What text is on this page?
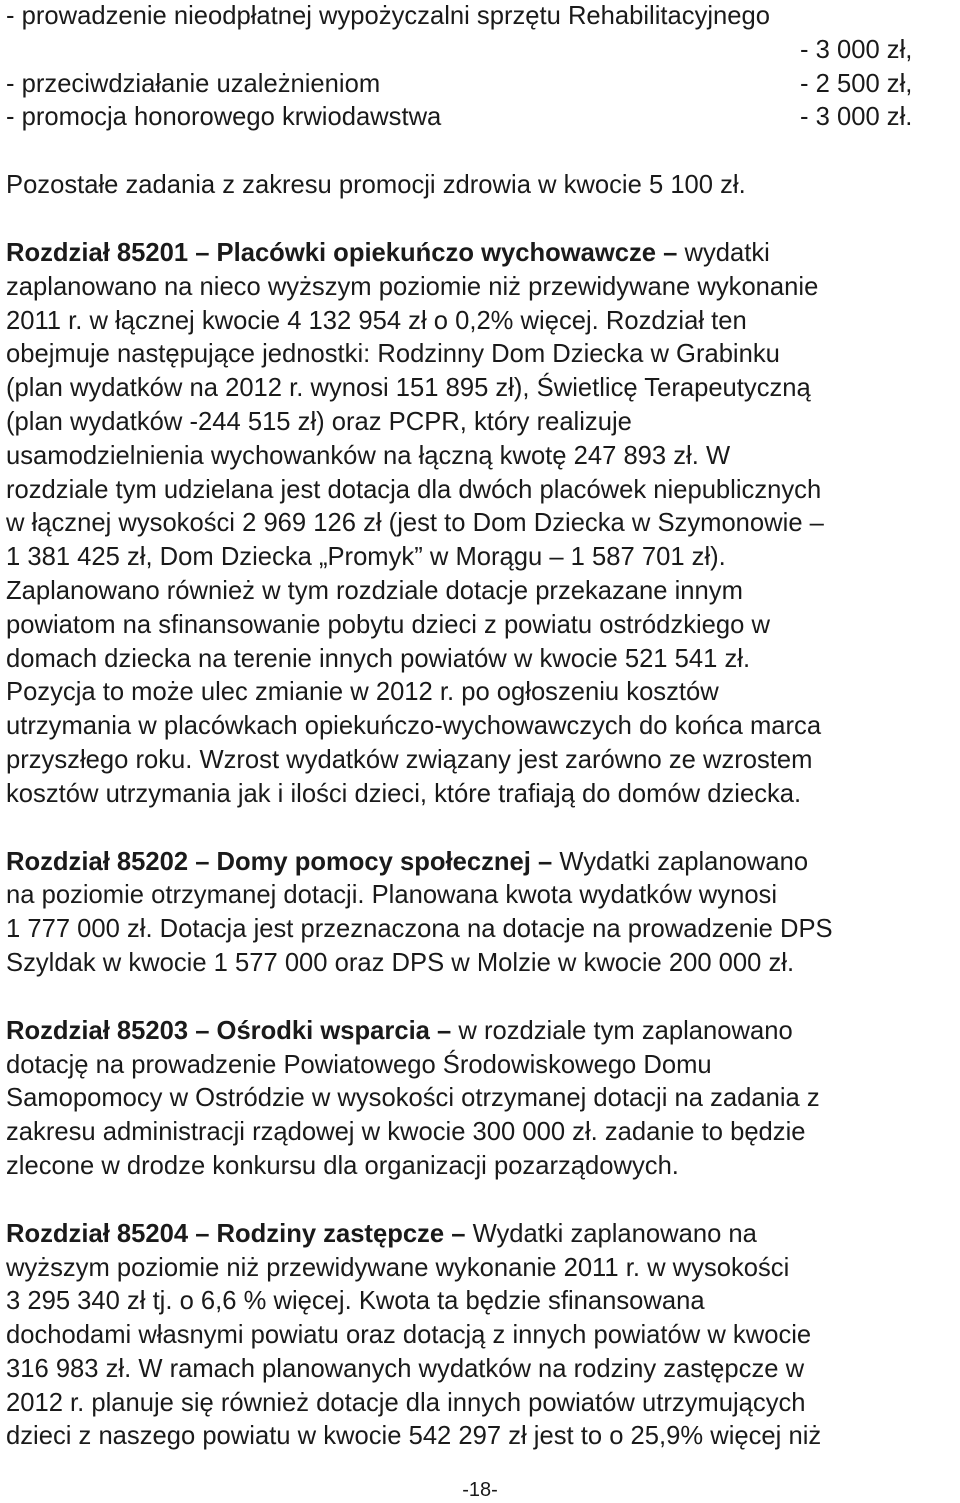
- prowadzenie nieodpłatnej wypożyczalni sprzętu Rehabilitacyjnego
- 3 000 zł,
- przeciwdziałanie uzależnieniom	- 2 500 zł,
- promocja honorowego krwiodawstwa	- 3 000 zł.
Pozostałe zadania z zakresu promocji zdrowia w kwocie 5 100 zł.
Rozdział 85201 – Placówki opiekuńczo wychowawcze – wydatki
zaplanowano na nieco wyższym poziomie niż przewidywane wykonanie
2011 r. w łącznej kwocie 4 132 954 zł o 0,2% więcej. Rozdział ten
obejmuje następujące jednostki: Rodzinny Dom Dziecka w Grabinku
(plan wydatków na 2012 r. wynosi 151 895 zł), Świetlicę Terapeutyczną
(plan wydatków -244 515 zł) oraz PCPR, który realizuje
usamodzielnienia wychowanków na łączną kwotę 247 893 zł. W
rozdziale tym udzielana jest dotacja dla dwóch placówek niepublicznych
w łącznej wysokości 2 969 126 zł (jest to Dom Dziecka w Szymonowie –
1 381 425 zł, Dom Dziecka „Promyk” w Morągu – 1 587 701 zł).
Zaplanowano również w tym rozdziale dotacje przekazane innym
powiatom na sfinansowanie pobytu dzieci z powiatu ostródzkiego w
domach dziecka na terenie innych powiatów w kwocie 521 541 zł.
Pozycja to może ulec zmianie w 2012 r. po ogłoszeniu kosztów
utrzymania w placówkach opiekuńczo-wychowawczych do końca marca
przyszłego roku. Wzrost wydatków związany jest zarówno ze wzrostem
kosztów utrzymania jak i ilości dzieci, które trafiają do domów dziecka.
Rozdział 85202 – Domy pomocy społecznej – Wydatki zaplanowano
na poziomie otrzymanej dotacji. Planowana kwota wydatków wynosi
1 777 000 zł. Dotacja jest przeznaczona na dotacje na prowadzenie DPS
Szyldak w kwocie 1 577 000 oraz DPS w Molzie w kwocie 200 000 zł.
Rozdział 85203 – Ośrodki wsparcia – w rozdziale tym zaplanowano
dotację na prowadzenie Powiatowego Środowiskowego Domu
Samopomocy w Ostródzie w wysokości otrzymanej dotacji na zadania z
zakresu administracji rządowej w kwocie 300 000 zł. zadanie to będzie
zlecone w drodze konkursu dla organizacji pozarządowych.
Rozdział 85204 – Rodziny zastępcze – Wydatki zaplanowano na
wyższym poziomie niż przewidywane wykonanie 2011 r. w wysokości
3 295 340 zł tj. o 6,6 % więcej. Kwota ta będzie sfinansowana
dochodami własnymi powiatu oraz dotacją z innych powiatów w kwocie
316 983 zł. W ramach planowanych wydatków na rodziny zastępcze w
2012 r. planuje się również dotacje dla innych powiatów utrzymujących
dzieci z naszego powiatu w kwocie 542 297 zł jest to o 25,9% więcej niż
-18-
